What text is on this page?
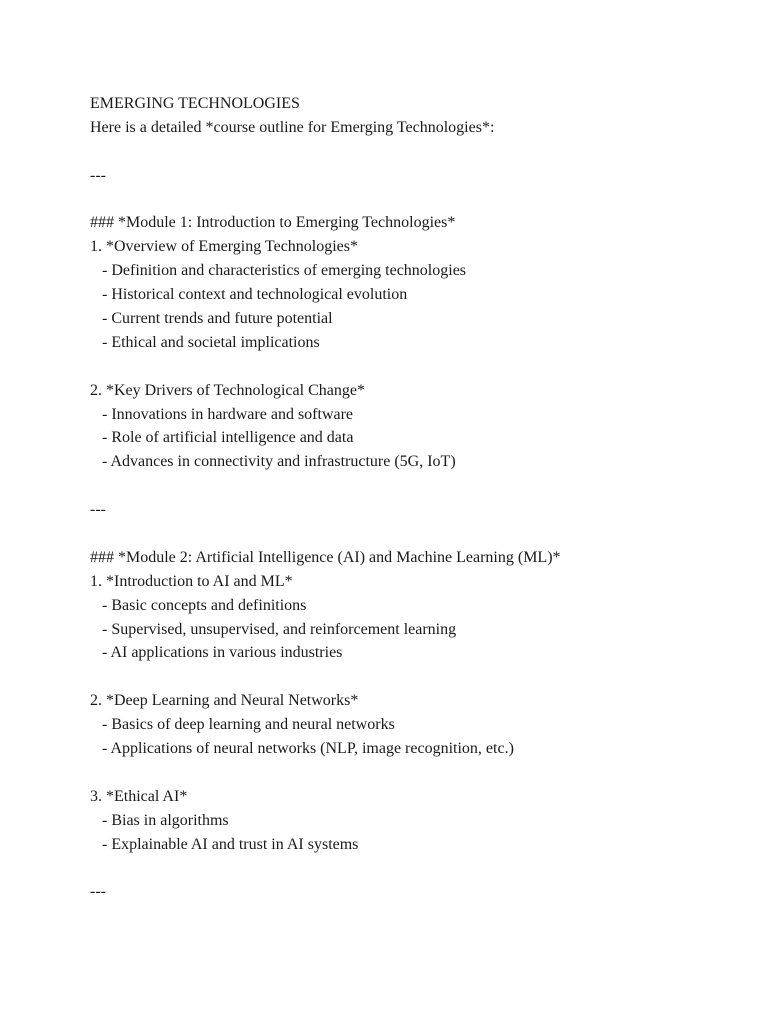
EMERGING TECHNOLOGIES
Here is a detailed *course outline for Emerging Technologies*:
---
### *Module 1: Introduction to Emerging Technologies*
1. *Overview of Emerging Technologies*
- Definition and characteristics of emerging technologies
- Historical context and technological evolution
- Current trends and future potential
- Ethical and societal implications
2. *Key Drivers of Technological Change*
- Innovations in hardware and software
- Role of artificial intelligence and data
- Advances in connectivity and infrastructure (5G, IoT)
---
### *Module 2: Artificial Intelligence (AI) and Machine Learning (ML)*
1. *Introduction to AI and ML*
- Basic concepts and definitions
- Supervised, unsupervised, and reinforcement learning
- AI applications in various industries
2. *Deep Learning and Neural Networks*
- Basics of deep learning and neural networks
- Applications of neural networks (NLP, image recognition, etc.)
3. *Ethical AI*
- Bias in algorithms
- Explainable AI and trust in AI systems
---
